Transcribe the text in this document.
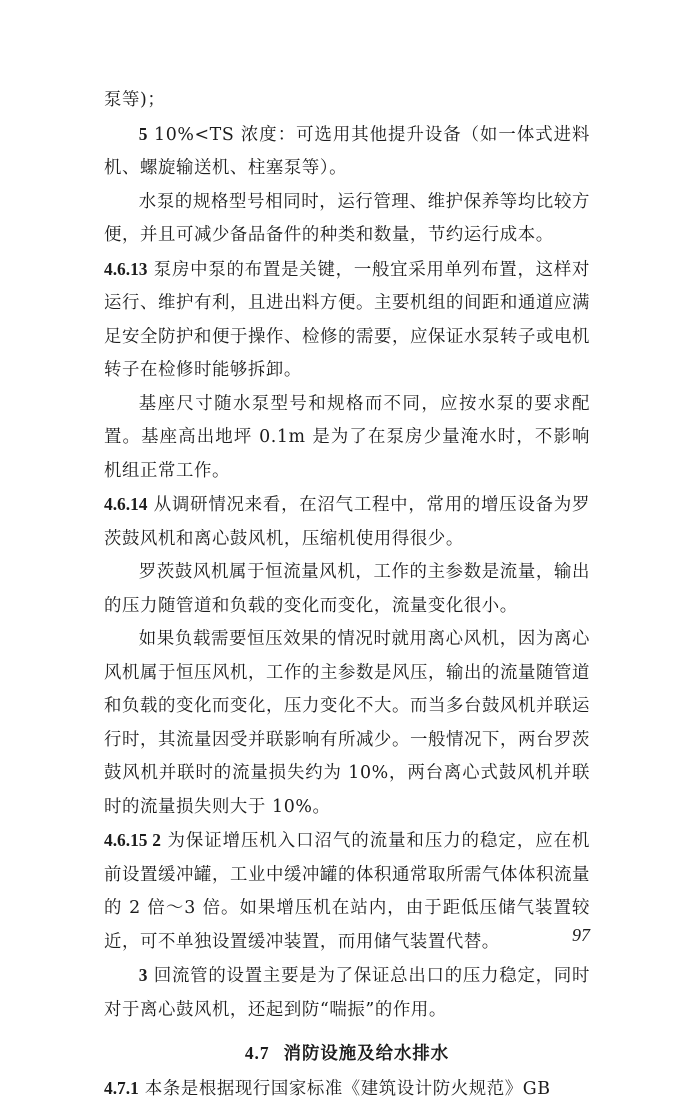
泵等)；

5 10%<TS 浓度：可选用其他提升设备（如一体式进料机、螺旋输送机、柱塞泵等）。

水泵的规格型号相同时，运行管理、维护保养等均比较方便，并且可减少备品备件的种类和数量，节约运行成本。

4.6.13 泵房中泵的布置是关键，一般宜采用单列布置，这样对运行、维护有利，且进出料方便。主要机组的间距和通道应满足安全防护和便于操作、检修的需要，应保证水泵转子或电机转子在检修时能够拆卸。

基座尺寸随水泵型号和规格而不同，应按水泵的要求配置。基座高出地坪 0.1m 是为了在泵房少量淹水时，不影响机组正常工作。

4.6.14 从调研情况来看，在沼气工程中，常用的增压设备为罗茨鼓风机和离心鼓风机，压缩机使用得很少。

罗茨鼓风机属于恒流量风机，工作的主参数是流量，输出的压力随管道和负载的变化而变化，流量变化很小。

如果负载需要恒压效果的情况时就用离心风机，因为离心风机属于恒压风机，工作的主参数是风压，输出的流量随管道和负载的变化而变化，压力变化不大。而当多台鼓风机并联运行时，其流量因受并联影响有所减少。一般情况下，两台罗茨鼓风机并联时的流量损失约为 10%，两台离心式鼓风机并联时的流量损失则大于 10%。

4.6.15 2 为保证增压机入口沼气的流量和压力的稳定，应在机前设置缓冲罐，工业中缓冲罐的体积通常取所需气体体积流量的 2 倍～3 倍。如果增压机在站内，由于距低压储气装置较近，可不单独设置缓冲装置，而用储气装置代替。

3 回流管的设置主要是为了保证总出口的压力稳定，同时对于离心鼓风机，还起到防“喘振”的作用。

4.7 消防设施及给水排水

4.7.1 本条是根据现行国家标准《建筑设计防火规范》GB

97
